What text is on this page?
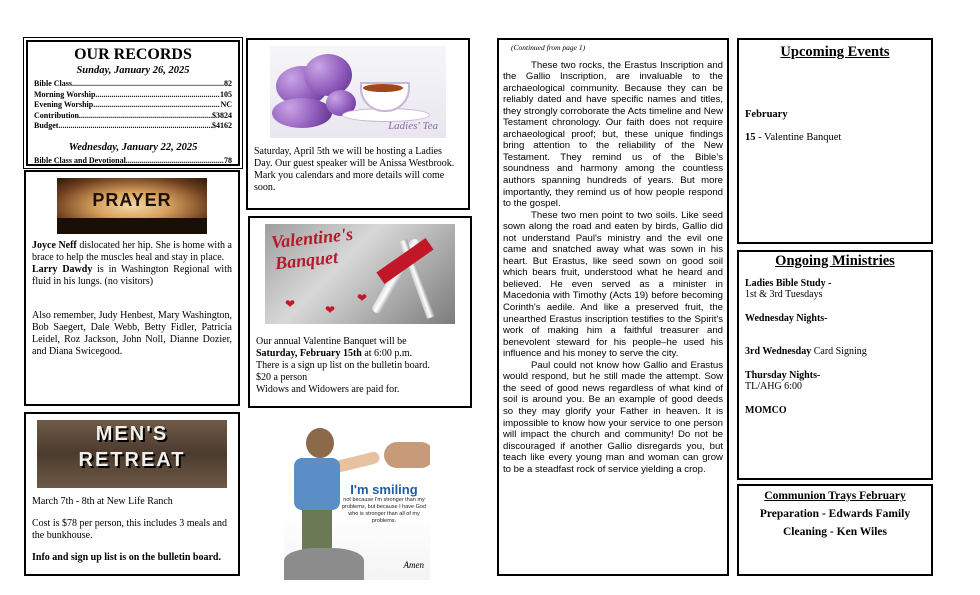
OUR RECORDS
Sunday, January 26, 2025
Bible Class .....	82
Morning Worship .....	105
Evening Worship .....	NC
Contribution .....	$3824
Budget .....	$4162
Wednesday, January 22, 2025
Bible Class and Devotional .....	78
PRAYER

Joyce Neff dislocated her hip. She is home with a brace to help the muscles heal and stay in place.

Larry Dawdy is in Washington Regional with fluid in his lungs. (no visitors)

Also remember, Judy Henbest, Mary Washington, Bob Saegert, Dale Webb, Betty Fidler, Patricia Leidel, Roz Jackson, John Noll, Dianne Dozier, and Diana Swicegood.

MEN'S
RETREAT

March 7th - 8th at New Life Ranch

Cost is $78 per person, this includes 3 meals and the bunkhouse.

Info and sign up list is on the bulletin board.

Ladies' Tea
Saturday, April 5th we will be hosting a Ladies Day. Our guest speaker will be Anissa Westbrook. Mark you calendars and more details will come soon.
Valentine's
Banquet
❤ ❤
❤

Our annual Valentine Banquet will be

Saturday, February 15th at 6:00 p.m.

There is a sign up list on the bulletin board.

$20 a person

Widows and Widowers are paid for.

I'm smiling
not because I'm stronger than my problems, but because I have God who is stronger than all of my problems.
Amen
(Continued from page 1)

These two rocks, the Erastus Inscription and the Gallio Inscription, are invaluable to the archaeological community. Because they can be reliably dated and have specific names and titles, they strongly corroborate the Acts timeline and New Testament chronology. Our faith does not require archaeological proof; but, these unique findings bring attention to the reliability of the New Testament. They remind us of the Bible's soundness and harmony among the countless authors spanning hundreds of years. But more importantly, they remind us of how people respond to the gospel.

These two men point to two soils. Like seed sown along the road and eaten by birds, Gallio did not understand Paul's ministry and the evil one came and snatched away what was sown in his heart. But Erastus, like seed sown on good soil which bears fruit, understood what he heard and believed. He even served as a minister in Macedonia with Timothy (Acts 19) before becoming Corinth's aedile. And like a preserved fruit, the unearthed Erastus inscription testifies to the Spirit's work of making him a faithful treasurer and benevolent steward for his people–he used his influence and his money to serve the city.

Paul could not know how Gallio and Erastus would respond, but he still made the attempt. Sow the seed of good news regardless of what kind of soil is around you. Be an example of good deeds so they may glorify your Father in heaven. It is impossible to know how your service to one person will impact the church and community! Do not be discouraged if another Gallio disregards you, but teach like every young man and woman can grow to be a steadfast rock of service yielding a crop.

Upcoming Events
February
15 - Valentine Banquet
Ongoing Ministries
Ladies Bible Study -
1st & 3rd Tuesdays
Wednesday Nights-
3rd Wednesday Card Signing
Thursday Nights-
TL/AHG 6:00
MOMCO
Communion Trays February
Preparation - Edwards Family
Cleaning - Ken Wiles
